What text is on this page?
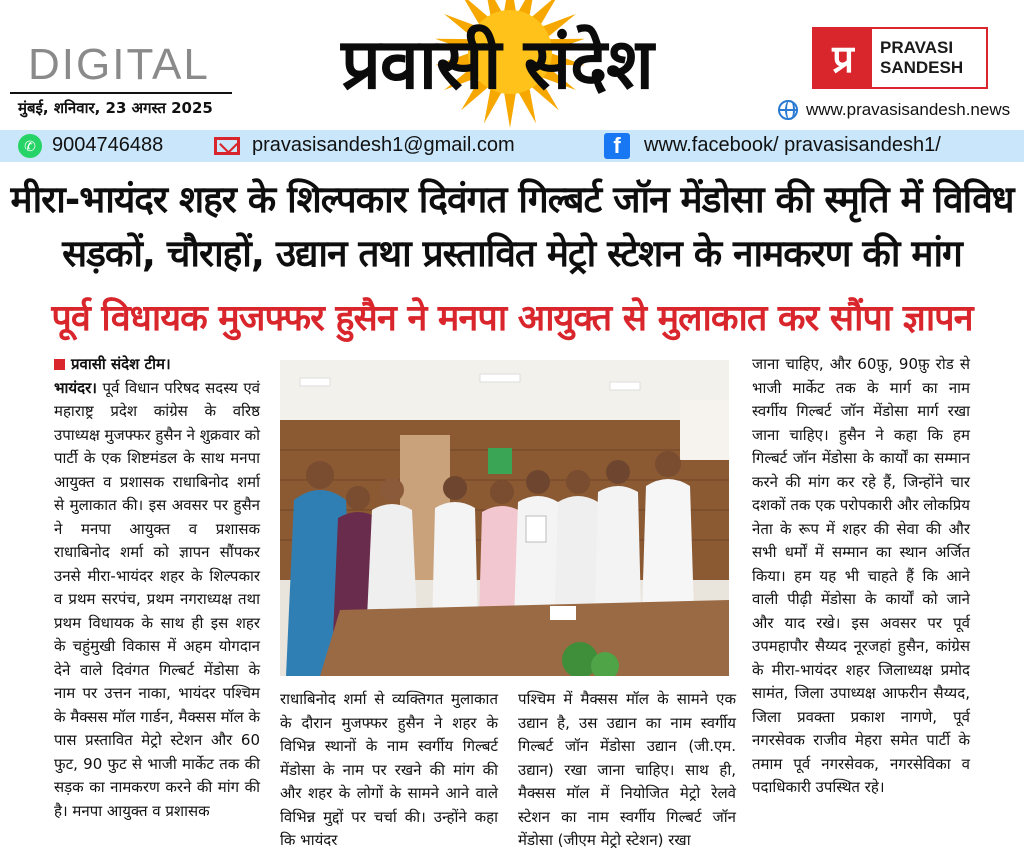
DIGITAL
मुंबई, शनिवार, 23 अगस्त 2025
प्रवासी संदेश	प्र	PRAVASI
SANDESH
www.pravasisandesh.news
✆ 9004746488	pravasisandesh1@gmail.com	f	www.facebook/ pravasisandesh1/
मीरा-भायंदर शहर के शिल्पकार दिवंगत गिल्बर्ट जॉन मेंडोसा की स्मृति में विविध
सड़कों, चौराहों, उद्यान तथा प्रस्तावित मेट्रो स्टेशन के नामकरण की मांग
पूर्व विधायक मुजफ्फर हुसैन ने मनपा आयुक्त से मुलाकात कर सौंपा ज्ञापन
प्रवासी संदेश टीम।
भायंदर। पूर्व विधान परिषद सदस्य एवं महाराष्ट्र प्रदेश कांग्रेस के वरिष्ठ उपाध्यक्ष मुजफ्फर हुसैन ने शुक्रवार को पार्टी के एक शिष्टमंडल के साथ मनपा आयुक्त व प्रशासक राधाबिनोद शर्मा से मुलाकात की। इस अवसर पर हुसैन ने मनपा आयुक्त व प्रशासक राधाबिनोद शर्मा को ज्ञापन सौंपकर उनसे मीरा-भायंदर शहर के शिल्पकार व प्रथम सरपंच, प्रथम नगराध्यक्ष तथा प्रथम विधायक के साथ ही इस शहर के चहुंमुखी विकास में अहम योगदान देने वाले दिवंगत गिल्बर्ट मेंडोसा के नाम पर उत्तन नाका, भायंदर पश्चिम के मैक्सस मॉल गार्डन, मैक्सस मॉल के पास प्रस्तावित मेट्रो स्टेशन और 60 फुट, 90 फुट से भाजी मार्केट तक की सड़क का नामकरण करने की मांग की है। मनपा आयुक्त व प्रशासक
राधाबिनोद शर्मा से व्यक्तिगत मुलाकात के दौरान मुजफ्फर हुसैन ने शहर के विभिन्न स्थानों के नाम स्वर्गीय गिल्बर्ट मेंडोसा के नाम पर रखने की मांग की और शहर के लोगों के सामने आने वाले विभिन्न मुद्दों पर चर्चा की। उन्होंने कहा कि भायंदर
पश्चिम में मैक्सस मॉल के सामने एक उद्यान है, उस उद्यान का नाम स्वर्गीय गिल्बर्ट जॉन मेंडोसा उद्यान (जी.एम. उद्यान) रखा जाना चाहिए। साथ ही, मैक्सस मॉल में नियोजित मेट्रो रेलवे स्टेशन का नाम स्वर्गीय गिल्बर्ट जॉन मेंडोसा (जीएम मेट्रो स्टेशन) रखा
जाना चाहिए, और 60फ़ु, 90फ़ु रोड से भाजी मार्केट तक के मार्ग का नाम स्वर्गीय गिल्बर्ट जॉन मेंडोसा मार्ग रखा जाना चाहिए। हुसैन ने कहा कि हम गिल्बर्ट जॉन मेंडोसा के कार्यों का सम्मान करने की मांग कर रहे हैं, जिन्होंने चार दशकों तक एक परोपकारी और लोकप्रिय नेता के रूप में शहर की सेवा की और सभी धर्मों में सम्मान का स्थान अर्जित किया। हम यह भी चाहते हैं कि आने वाली पीढ़ी मेंडोसा के कार्यों को जाने और याद रखे। इस अवसर पर पूर्व उपमहापौर सैय्यद नूरजहां हुसैन, कांग्रेस के मीरा-भायंदर शहर जिलाध्यक्ष प्रमोद सामंत, जिला उपाध्यक्ष आफरीन सैय्यद, जिला प्रवक्ता प्रकाश नागणे, पूर्व नगरसेवक राजीव मेहरा समेत पार्टी के तमाम पूर्व नगरसेवक, नगरसेविका व पदाधिकारी उपस्थित रहे।
